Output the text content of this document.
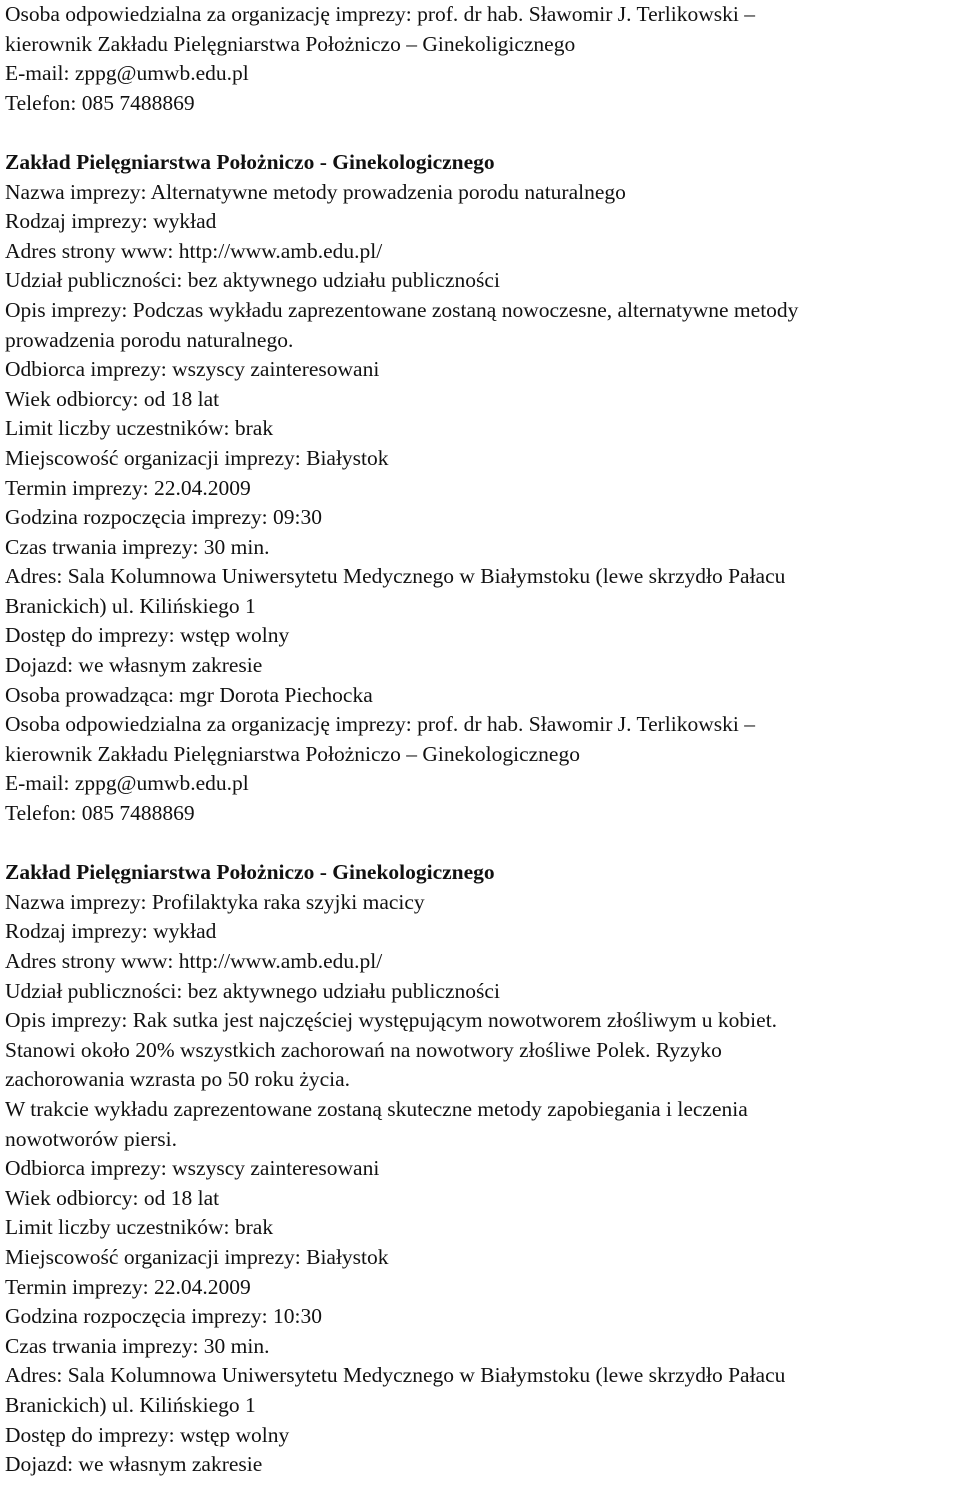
Osoba odpowiedzialna za organizację imprezy: prof. dr hab. Sławomir J. Terlikowski –
kierownik Zakładu Pielęgniarstwa Położniczo – Ginekoligicznego
E-mail: zppg@umwb.edu.pl
Telefon: 085 7488869
Zakład Pielęgniarstwa Położniczo - Ginekologicznego
Nazwa imprezy: Alternatywne metody prowadzenia porodu naturalnego
Rodzaj imprezy: wykład
Adres strony www: http://www.amb.edu.pl/
Udział publiczności: bez aktywnego udziału publiczności
Opis imprezy: Podczas wykładu zaprezentowane zostaną nowoczesne, alternatywne metody
prowadzenia porodu naturalnego.
Odbiorca imprezy: wszyscy zainteresowani
Wiek odbiorcy: od 18 lat
Limit liczby uczestników: brak
Miejscowość organizacji imprezy: Białystok
Termin imprezy: 22.04.2009
Godzina rozpoczęcia imprezy: 09:30
Czas trwania imprezy: 30 min.
Adres: Sala Kolumnowa Uniwersytetu Medycznego w Białymstoku (lewe skrzydło Pałacu
Branickich) ul. Kilińskiego 1
Dostęp do imprezy: wstęp wolny
Dojazd: we własnym zakresie
Osoba prowadząca: mgr Dorota Piechocka
Osoba odpowiedzialna za organizację imprezy: prof. dr hab. Sławomir J. Terlikowski –
kierownik Zakładu Pielęgniarstwa Położniczo – Ginekologicznego
E-mail: zppg@umwb.edu.pl
Telefon: 085 7488869
Zakład Pielęgniarstwa Położniczo - Ginekologicznego
Nazwa imprezy: Profilaktyka raka szyjki macicy
Rodzaj imprezy: wykład
Adres strony www: http://www.amb.edu.pl/
Udział publiczności: bez aktywnego udziału publiczności
Opis imprezy: Rak sutka jest najczęściej występującym nowotworem złośliwym u kobiet.
Stanowi około 20% wszystkich zachorowań na nowotwory złośliwe Polek. Ryzyko
zachorowania wzrasta po 50 roku życia.
W trakcie wykładu zaprezentowane zostaną skuteczne metody zapobiegania i leczenia
nowotworów piersi.
Odbiorca imprezy: wszyscy zainteresowani
Wiek odbiorcy: od 18 lat
Limit liczby uczestników: brak
Miejscowość organizacji imprezy: Białystok
Termin imprezy: 22.04.2009
Godzina rozpoczęcia imprezy: 10:30
Czas trwania imprezy: 30 min.
Adres: Sala Kolumnowa Uniwersytetu Medycznego w Białymstoku (lewe skrzydło Pałacu
Branickich) ul. Kilińskiego 1
Dostęp do imprezy: wstęp wolny
Dojazd: we własnym zakresie
